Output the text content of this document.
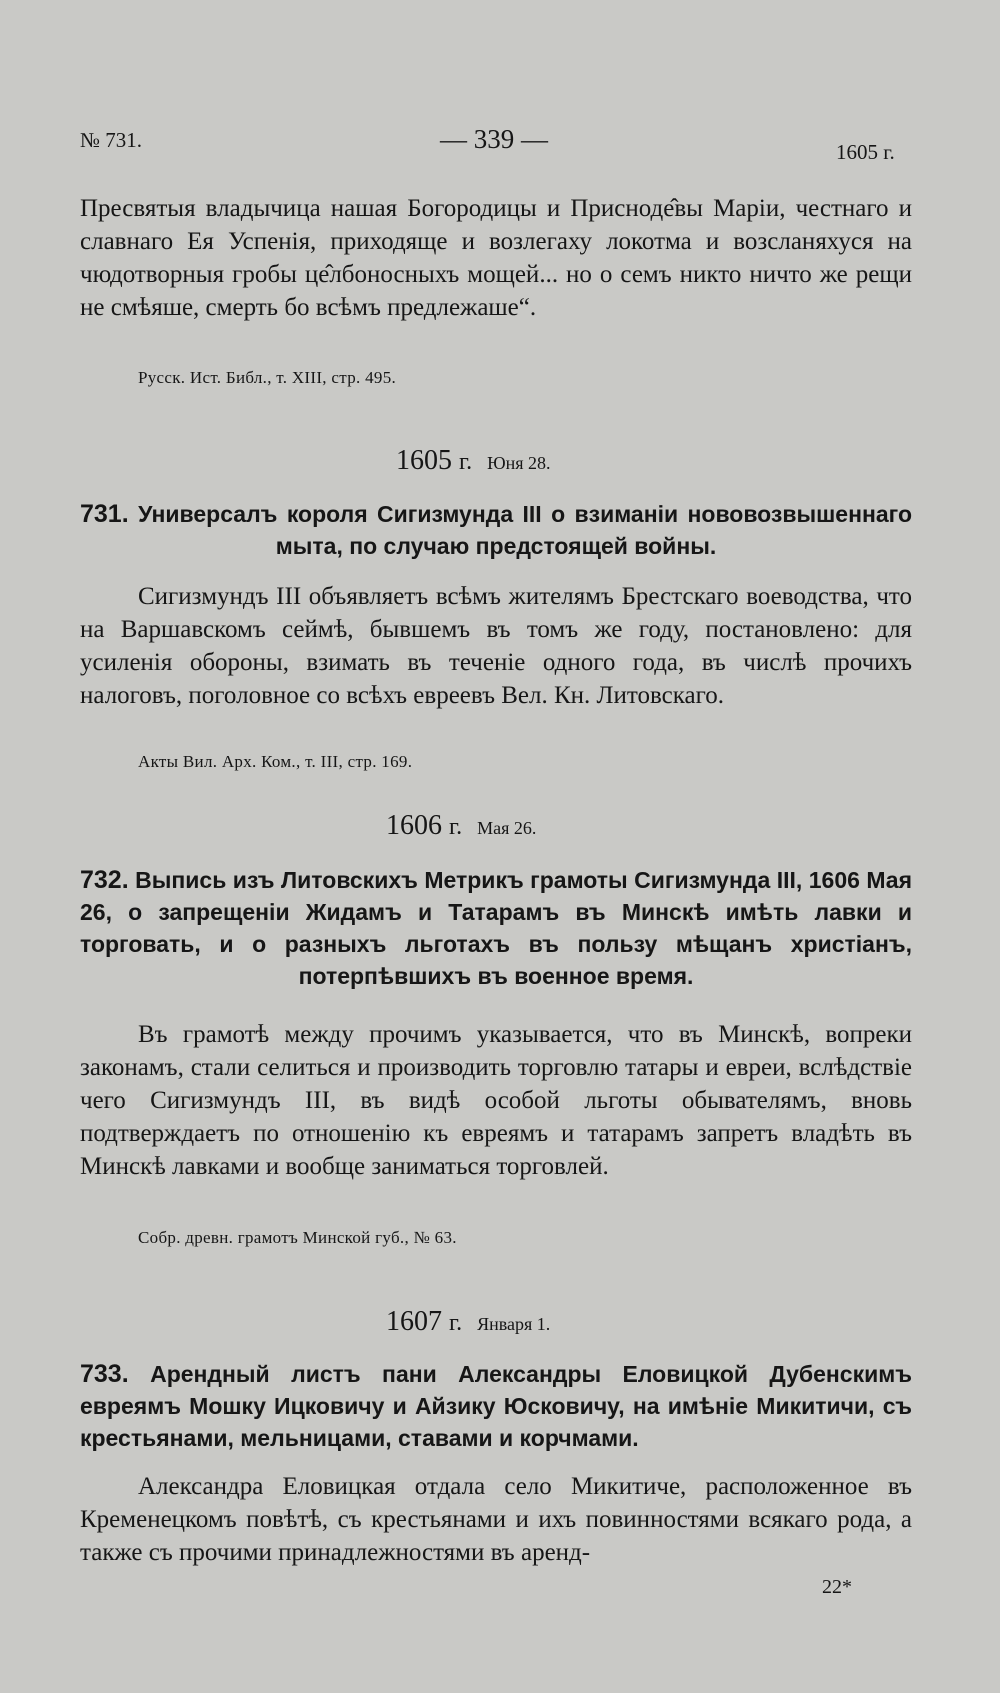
№ 731.	— 339 —	1605 г.
Пресвятыя владычица нашая Богородицы и Присноде̂вы Маріи, честнаго и славнаго Ея Успенія, приходяще и возлегаху локотма и возсланяхуся на чюдотворныя гробы це̂лбоносныхъ мощей... но о семъ никто ничто же рещи не смѣяше, смерть бо всѣмъ предлежаше“.
Русск. Ист. Библ., т. XIII, стр. 495.
1605 г. Юня 28.
731. Универсалъ короля Сигизмунда III о взиманіи нововозвышеннаго мыта, по случаю предстоящей войны.
Сигизмундъ III объявляетъ всѣмъ жителямъ Брестскаго воеводства, что на Варшавскомъ сеймѣ, бывшемъ въ томъ же году, постановлено: для усиленія обороны, взимать въ теченіе одного года, въ числѣ прочихъ налоговъ, поголовное со всѣхъ евреевъ Вел. Кн. Литовскаго.
Акты Вил. Арх. Ком., т. III, стр. 169.
1606 г. Мая 26.
732. Выпись изъ Литовскихъ Метрикъ грамоты Сигизмунда III, 1606 Мая 26, о запрещеніи Жидамъ и Татарамъ въ Минскѣ имѣть лавки и торговать, и о разныхъ льготахъ въ пользу мѣщанъ христіанъ, потерпѣвшихъ въ военное время.
Въ грамотѣ между прочимъ указывается, что въ Минскѣ, вопреки законамъ, стали селиться и производить торговлю татары и евреи, вслѣдствіе чего Сигизмундъ III, въ видѣ особой льготы обывателямъ, вновь подтверждаетъ по отношенію къ евреямъ и татарамъ запретъ владѣть въ Минскѣ лавками и вообще заниматься торговлей.
Собр. древн. грамотъ Минской губ., № 63.
1607 г. Января 1.
733. Арендный листъ пани Александры Еловицкой Дубенскимъ евреямъ Мошку Ицковичу и Айзику Юсковичу, на имѣніе Микитичи, съ крестьянами, мельницами, ставами и корчмами.
Александра Еловицкая отдала село Микитиче, расположенное въ Кременецкомъ повѣтѣ, съ крестьянами и ихъ повинностями всякаго рода, а также съ прочими принадлежностями въ аренд-
22*
